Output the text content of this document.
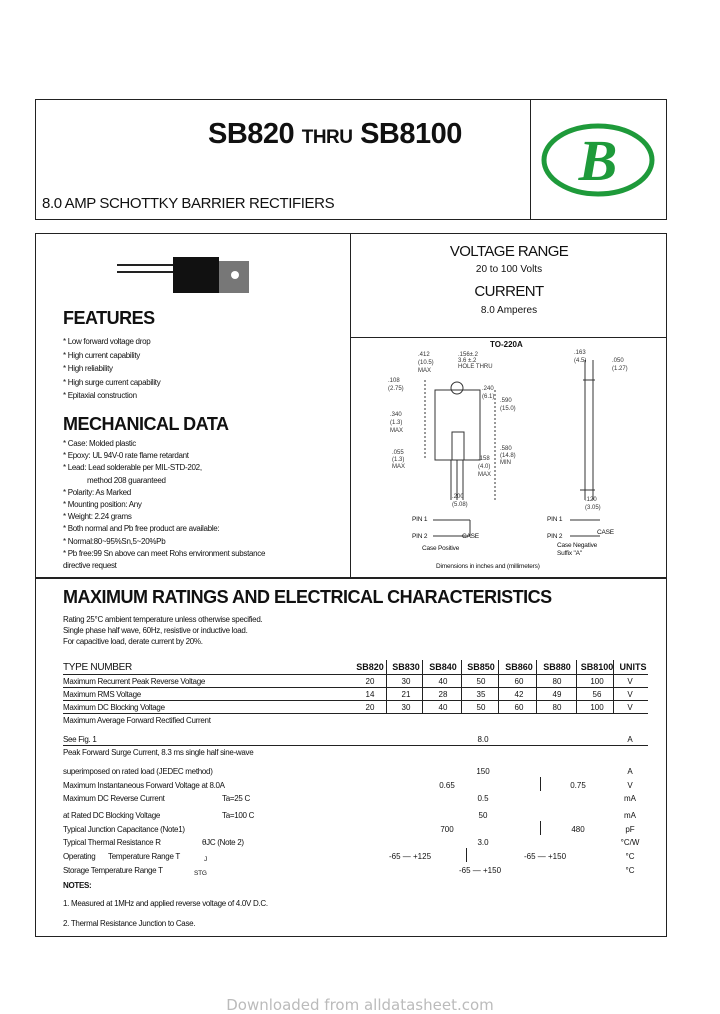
SB820 THRU SB8100
8.0 AMP SCHOTTKY BARRIER RECTIFIERS
B
VOLTAGE RANGE
20 to 100 Volts
CURRENT
8.0 Amperes
FEATURES
* Low forward voltage drop
* High current capability
* High reliability
* High surge current capability
* Epitaxial construction
MECHANICAL DATA
* Case: Molded plastic
* Epoxy: UL 94V-0 rate flame retardant
* Lead: Lead solderable per MIL-STD-202,
method 208 guaranteed
* Polarity: As Marked
* Mounting position: Any
* Weight: 2.24 grams
* Both normal and Pb free product are available:
* Normal:80~95%Sn,5~20%Pb
* Pb free:99 Sn above can meet Rohs environment substance
directive request
TO-220A
.412
(10.5)
MAX
.156±.2
3.6 ±.2
HOLE THRU
.163
(4.5)	.050
(1.27)
.108
(2.75)	.240
(6.1)
.590
(15.0)
.340
(1.3)
MAX
.580
(14.8)
MIN
.055
(1.3)
MAX
.158
(4.0)
MAX
.200
(5.08)
.120
(3.05)
PIN 1
PIN 2
PIN 1
PIN 2
CASE
CASE
Case Positive	Case Negative
Suffix "A"
Dimensions in inches and (millimeters)
MAXIMUM RATINGS AND ELECTRICAL CHARACTERISTICS
Rating 25°C ambient temperature unless otherwise specified.
Single phase half wave, 60Hz, resistive or inductive load.
For capacitive load, derate current by 20%.
TYPE NUMBER	SB820 SB830	SB840	SB850	SB860	SB880	SB8100 UNITS
Maximum Recurrent Peak Reverse Voltage	20	30	40	50	60	80	100	V
Maximum RMS Voltage	14	21	28	35	42	49	56	V
Maximum DC Blocking Voltage	20	30	40	50	60	80	100	V
Maximum Average Forward Rectified Current
See Fig. 1	8.0	A
Peak Forward Surge Current, 8.3 ms single half sine-wave
superimposed on rated load (JEDEC method)	150	A
Maximum Instantaneous Forward Voltage at 8.0A	0.65	0.75	V
Maximum DC Reverse Current	Ta=25 C	0.5	mA
at Rated DC Blocking Voltage	Ta=100 C	50	mA
Typical Junction Capacitance (Note1)	700	480	pF
Typical Thermal Resistance R	θJC (Note 2)	3.0	°C/W
Operating Temperature Range T	J	-65 — +125	-65 — +150	°C
Storage Temperature Range T	STG	-65 — +150	°C
NOTES:
1. Measured at 1MHz and applied reverse voltage of 4.0V D.C.
2. Thermal Resistance Junction to Case.
Downloaded from alldatasheet.com
